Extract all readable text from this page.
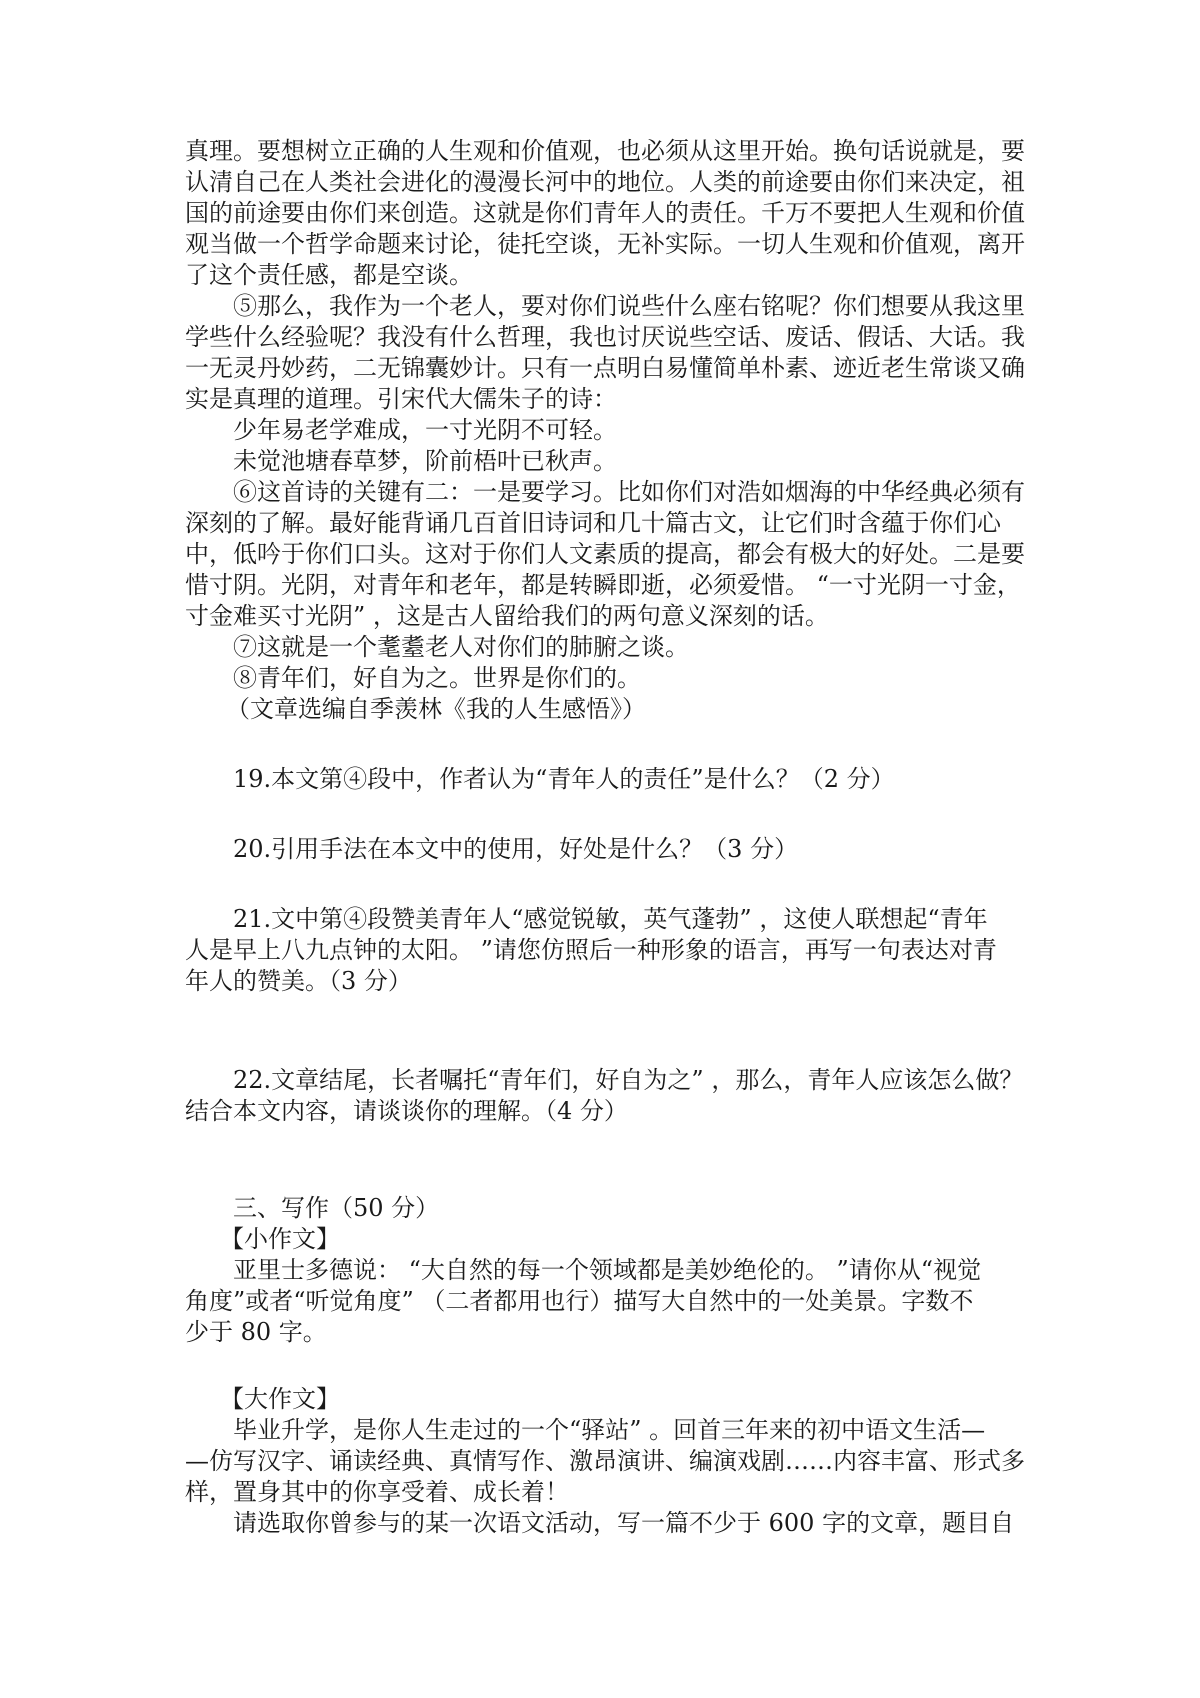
真理。要想树立正确的人生观和价值观，也必须从这里开始。换句话说就是，要
认清自己在人类社会进化的漫漫长河中的地位。人类的前途要由你们来决定，祖
国的前途要由你们来创造。这就是你们青年人的责任。千万不要把人生观和价值
观当做一个哲学命题来讨论，徒托空谈，无补实际。一切人生观和价值观，离开
了这个责任感，都是空谈。
⑤那么，我作为一个老人，要对你们说些什么座右铭呢？你们想要从我这里
学些什么经验呢？我没有什么哲理，我也讨厌说些空话、废话、假话、大话。我
一无灵丹妙药，二无锦囊妙计。只有一点明白易懂简单朴素、迹近老生常谈又确
实是真理的道理。引宋代大儒朱子的诗：
少年易老学难成，一寸光阴不可轻。
未觉池塘春草梦，阶前梧叶已秋声。
⑥这首诗的关键有二：一是要学习。比如你们对浩如烟海的中华经典必须有
深刻的了解。最好能背诵几百首旧诗词和几十篇古文，让它们时含蕴于你们心
中，低吟于你们口头。这对于你们人文素质的提高，都会有极大的好处。二是要
惜寸阴。光阴，对青年和老年，都是转瞬即逝，必须爱惜。 “一寸光阴一寸金，
寸金难买寸光阴” ，这是古人留给我们的两句意义深刻的话。
⑦这就是一个耄耋老人对你们的肺腑之谈。
⑧青年们，好自为之。世界是你们的。
（文章选编自季羡林《我的人生感悟》）
19.本文第④段中，作者认为“青年人的责任”是什么？（2 分）
20.引用手法在本文中的使用，好处是什么？（3 分）
21.文中第④段赞美青年人“感觉锐敏，英气蓬勃” ，这使人联想起“青年
人是早上八九点钟的太阳。 ”请您仿照后一种形象的语言，再写一句表达对青
年人的赞美。（3 分）
22.文章结尾，长者嘱托“青年们，好自为之” ，那么，青年人应该怎么做？
结合本文内容，请谈谈你的理解。（4 分）
三、写作（50 分）
【小作文】
亚里士多德说： “大自然的每一个领域都是美妙绝伦的。 ”请你从“视觉
角度”或者“听觉角度” （二者都用也行）描写大自然中的一处美景。字数不
少于 80 字。
【大作文】
毕业升学，是你人生走过的一个“驿站” 。回首三年来的初中语文生活—
—仿写汉字、诵读经典、真情写作、激昂演讲、编演戏剧……内容丰富、形式多
样，置身其中的你享受着、成长着！
请选取你曾参与的某一次语文活动，写一篇不少于 600 字的文章，题目自
